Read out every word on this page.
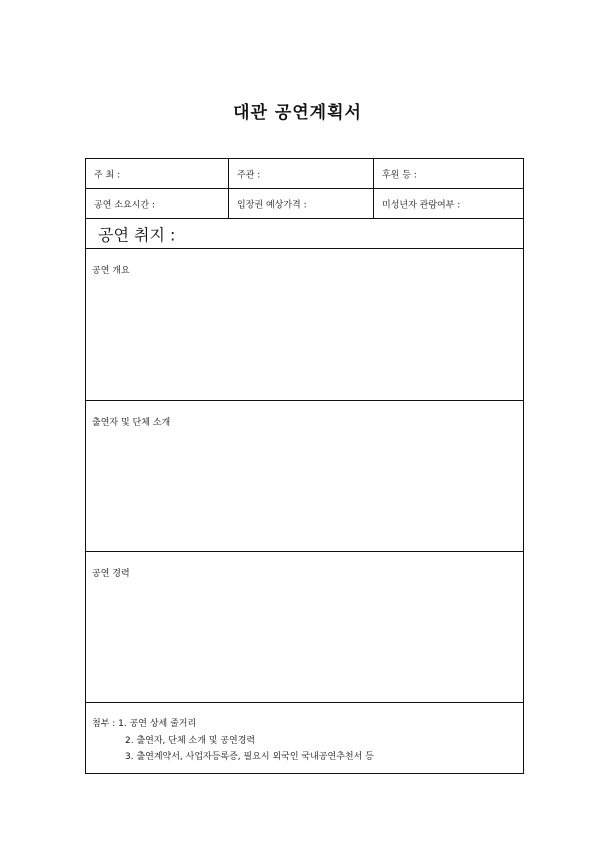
대관 공연계획서
주 최 :	주관 :	후원 등 :
공연 소요시간 :	입장권 예상가격 :	미성년자 관람여부 :
공연 취지 :
공연 개요
출연자 및 단체 소개
공연 경력
첨부 : 1. 공연 상세 줄거리
2. 출연자, 단체 소개 및 공연경력
3. 출연계약서, 사업자등록증, 필요시 외국인 국내공연추천서 등
